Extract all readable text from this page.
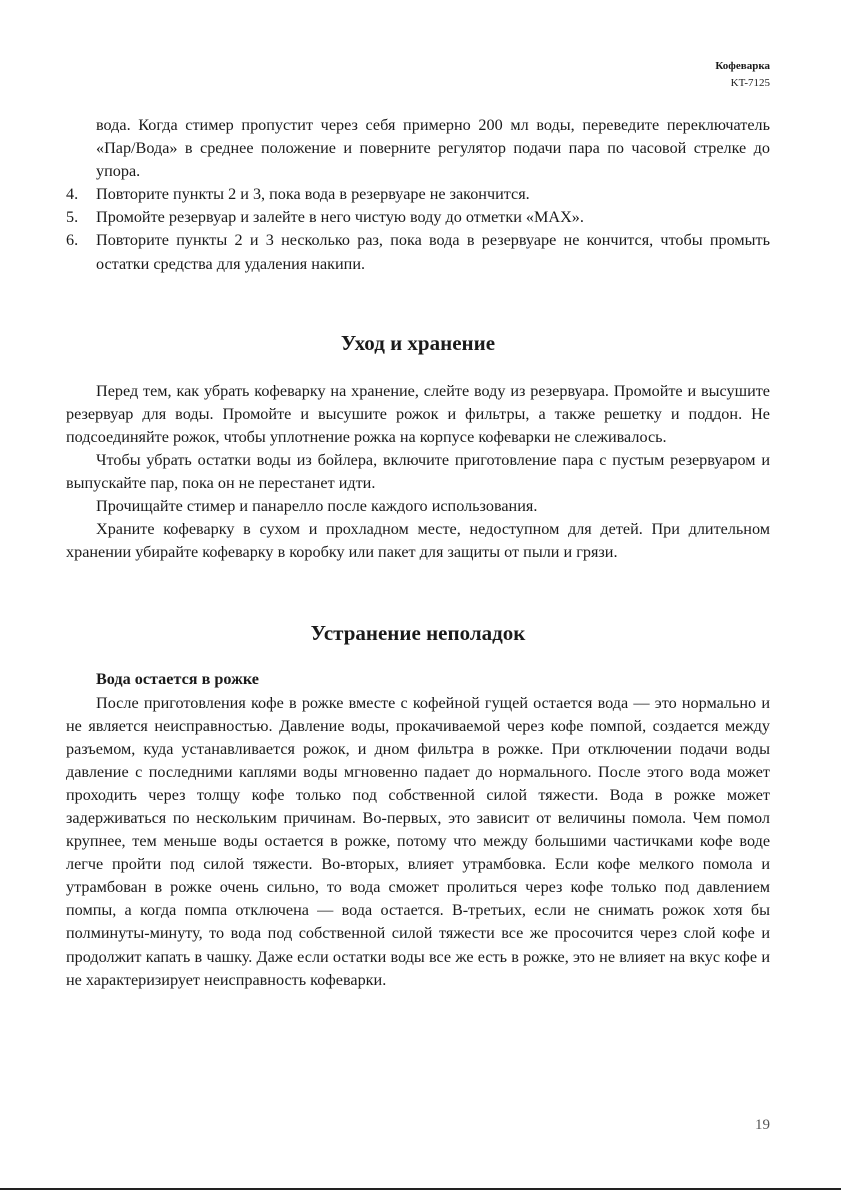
Кофеварка
KT-7125

вода. Когда стимер пропустит через себя примерно 200 мл воды, переведите переключатель «Пар/Вода» в среднее положение и поверните регулятор подачи пара по часовой стрелке до упора.

4. Повторите пункты 2 и 3, пока вода в резервуаре не закончится.
5. Промойте резервуар и залейте в него чистую воду до отметки «MAX».
6. Повторите пункты 2 и 3 несколько раз, пока вода в резервуаре не кончится, чтобы промыть остатки средства для удаления накипи.
Уход и хранение

Перед тем, как убрать кофеварку на хранение, слейте воду из резервуара. Промойте и высушите резервуар для воды. Промойте и высушите рожок и фильтры, а также решетку и поддон. Не подсоединяйте рожок, чтобы уплотнение рожка на корпусе кофеварки не слеживалось.

Чтобы убрать остатки воды из бойлера, включите приготовление пара с пустым резервуаром и выпускайте пар, пока он не перестанет идти.

Прочищайте стимер и панарелло после каждого использования.

Храните кофеварку в сухом и прохладном месте, недоступном для детей. При длительном хранении убирайте кофеварку в коробку или пакет для защиты от пыли и грязи.

Устранение неполадок
Вода остается в рожке

После приготовления кофе в рожке вместе с кофейной гущей остается вода — это нормально и не является неисправностью. Давление воды, прокачиваемой через кофе помпой, создается между разъемом, куда устанавливается рожок, и дном фильтра в рожке. При отключении подачи воды давление с последними каплями воды мгновенно падает до нормального. После этого вода может проходить через толщу кофе только под собственной силой тяжести. Вода в рожке может задерживаться по нескольким причинам. Во-первых, это зависит от величины помола. Чем помол крупнее, тем меньше воды остается в рожке, потому что между большими частичками кофе воде легче пройти под силой тяжести. Во-вторых, влияет утрамбовка. Если кофе мелкого помола и утрамбован в рожке очень сильно, то вода сможет пролиться через кофе только под давлением помпы, а когда помпа отключена — вода остается. В-третьих, если не снимать рожок хотя бы полминуты-минуту, то вода под собственной силой тяжести все же просочится через слой кофе и продолжит капать в чашку. Даже если остатки воды все же есть в рожке, это не влияет на вкус кофе и не характеризирует неисправность кофеварки.

19
